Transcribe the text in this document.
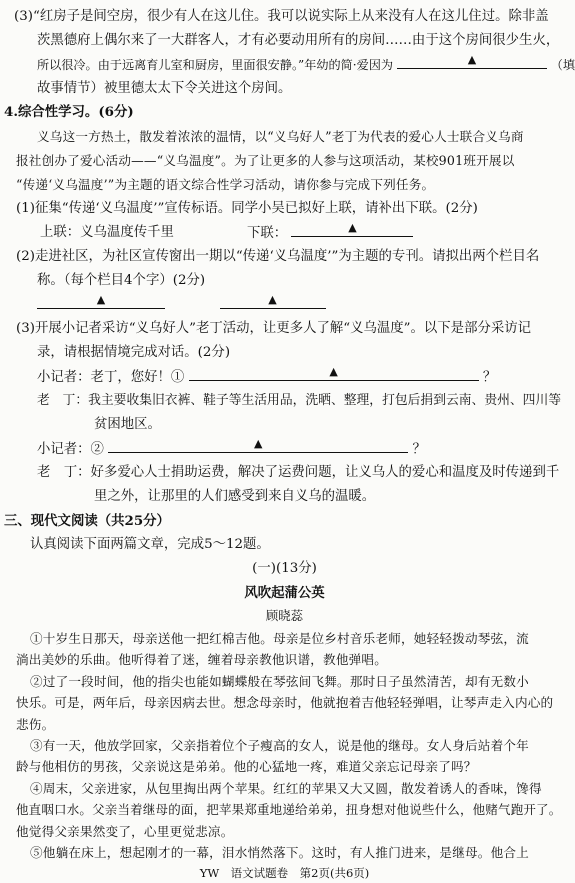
(3)“红房子是间空房，很少有人在这儿住。我可以说实际上从来没有人在这儿住过。除非盖
茨黑德府上偶尔来了一大群客人，才有必要动用所有的房间……由于这个房间很少生火，
所以很冷。由于远离育儿室和厨房，里面很安静。”年幼的简·爱因为	▲	（填
故事情节）被里德太太下令关进这个房间。
4.综合性学习。(6分)
义乌这一方热土，散发着浓浓的温情，以“义乌好人”老丁为代表的爱心人士联合义乌商
报社创办了爱心活动——“义乌温度”。为了让更多的人参与这项活动，某校901班开展以
“传递‘义乌温度’”为主题的语文综合性学习活动，请你参与完成下列任务。
(1)征集“传递‘义乌温度’”宣传标语。同学小吴已拟好上联，请补出下联。(2分)
上联：义乌温度传千里	下联：	▲
(2)走进社区，为社区宣传窗出一期以“传递‘义乌温度’”为主题的专刊。请拟出两个栏目名
称。（每个栏目4个字）(2分)
▲
	▲
(3)开展小记者采访“义乌好人”老丁活动，让更多人了解“义乌温度”。以下是部分采访记
录，请根据情境完成对话。(2分)
小记者：老丁，您好！①	▲	？
老　丁：我主要收集旧衣裤、鞋子等生活用品，洗晒、整理，打包后捐到云南、贵州、四川等
贫困地区。
小记者：②	▲	？
老　丁：好多爱心人士捐助运费，解决了运费问题，让义乌人的爱心和温度及时传递到千
里之外，让那里的人们感受到来自义乌的温暖。
三、现代文阅读（共25分）
认真阅读下面两篇文章，完成5～12题。
(一)(13分)
风吹起蒲公英
顾晓蕊
①十岁生日那天，母亲送他一把红棉吉他。母亲是位乡村音乐老师，她轻轻拨动琴弦，流
淌出美妙的乐曲。他听得着了迷，缠着母亲教他识谱，教他弹唱。
②过了一段时间，他的指尖也能如蝴蝶般在琴弦间飞舞。那时日子虽然清苦，却有无数小
快乐。可是，两年后，母亲因病去世。想念母亲时，他就抱着吉他轻轻弹唱，让琴声走入内心的
悲伤。
③有一天，他放学回家，父亲指着位个子瘦高的女人，说是他的继母。女人身后站着个年
龄与他相仿的男孩，父亲说这是弟弟。他的心猛地一疼，难道父亲忘记母亲了吗？
④周末，父亲进家，从包里掏出两个苹果。红红的苹果又大又圆，散发着诱人的香味，馋得
他直咽口水。父亲当着继母的面，把苹果郑重地递给弟弟，扭身想对他说些什么，他赌气跑开了。
他觉得父亲果然变了，心里更觉悲凉。
⑤他躺在床上，想起刚才的一幕，泪水悄然落下。这时，有人推门进来，是继母。他合上
YW　语文试题卷　第2页(共6页)
